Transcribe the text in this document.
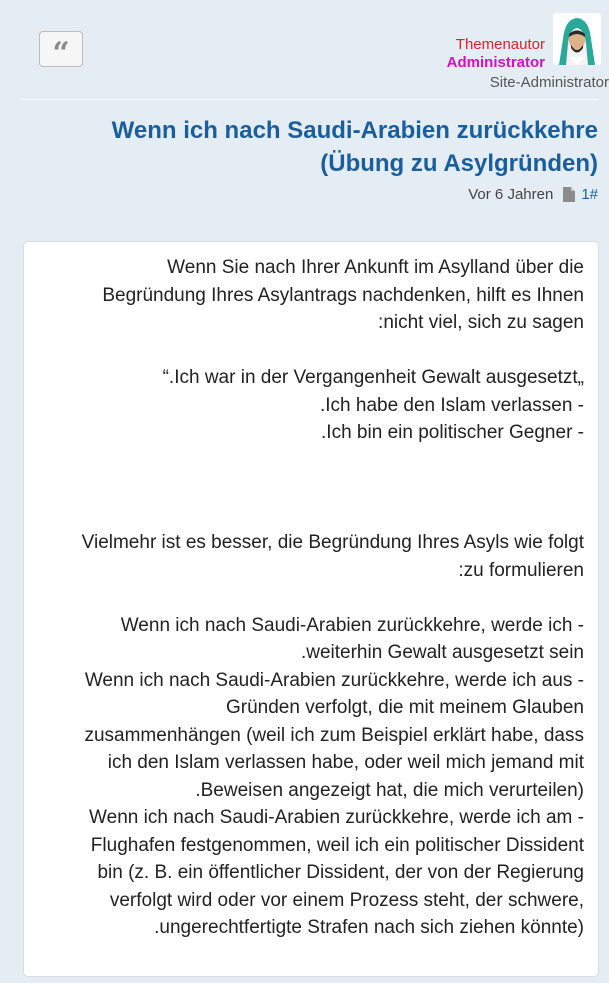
“	Themenautor
Administrator
Site-Administrator
Wenn ich nach Saudi-Arabien zurückkehre
(Übung zu Asylgründen)
Vor 6 Jahren 1#
Wenn Sie nach Ihrer Ankunft im Asylland über die
Begründung Ihres Asylantrags nachdenken, hilft es Ihnen
:nicht viel, sich zu sagen
“.Ich war in der Vergangenheit Gewalt ausgesetzt„
.Ich habe den Islam verlassen -
.Ich bin ein politischer Gegner -
Vielmehr ist es besser, die Begründung Ihres Asyls wie folgt
:zu formulieren
Wenn ich nach Saudi-Arabien zurückkehre, werde ich -
.weiterhin Gewalt ausgesetzt sein
Wenn ich nach Saudi-Arabien zurückkehre, werde ich aus -
Gründen verfolgt, die mit meinem Glauben
zusammenhängen (weil ich zum Beispiel erklärt habe, dass
ich den Islam verlassen habe, oder weil mich jemand mit
.Beweisen angezeigt hat, die mich verurteilen)
Wenn ich nach Saudi-Arabien zurückkehre, werde ich am -
Flughafen festgenommen, weil ich ein politischer Dissident
bin (z. B. ein öffentlicher Dissident, der von der Regierung
verfolgt wird oder vor einem Prozess steht, der schwere,
.ungerechtfertigte Strafen nach sich ziehen könnte)
